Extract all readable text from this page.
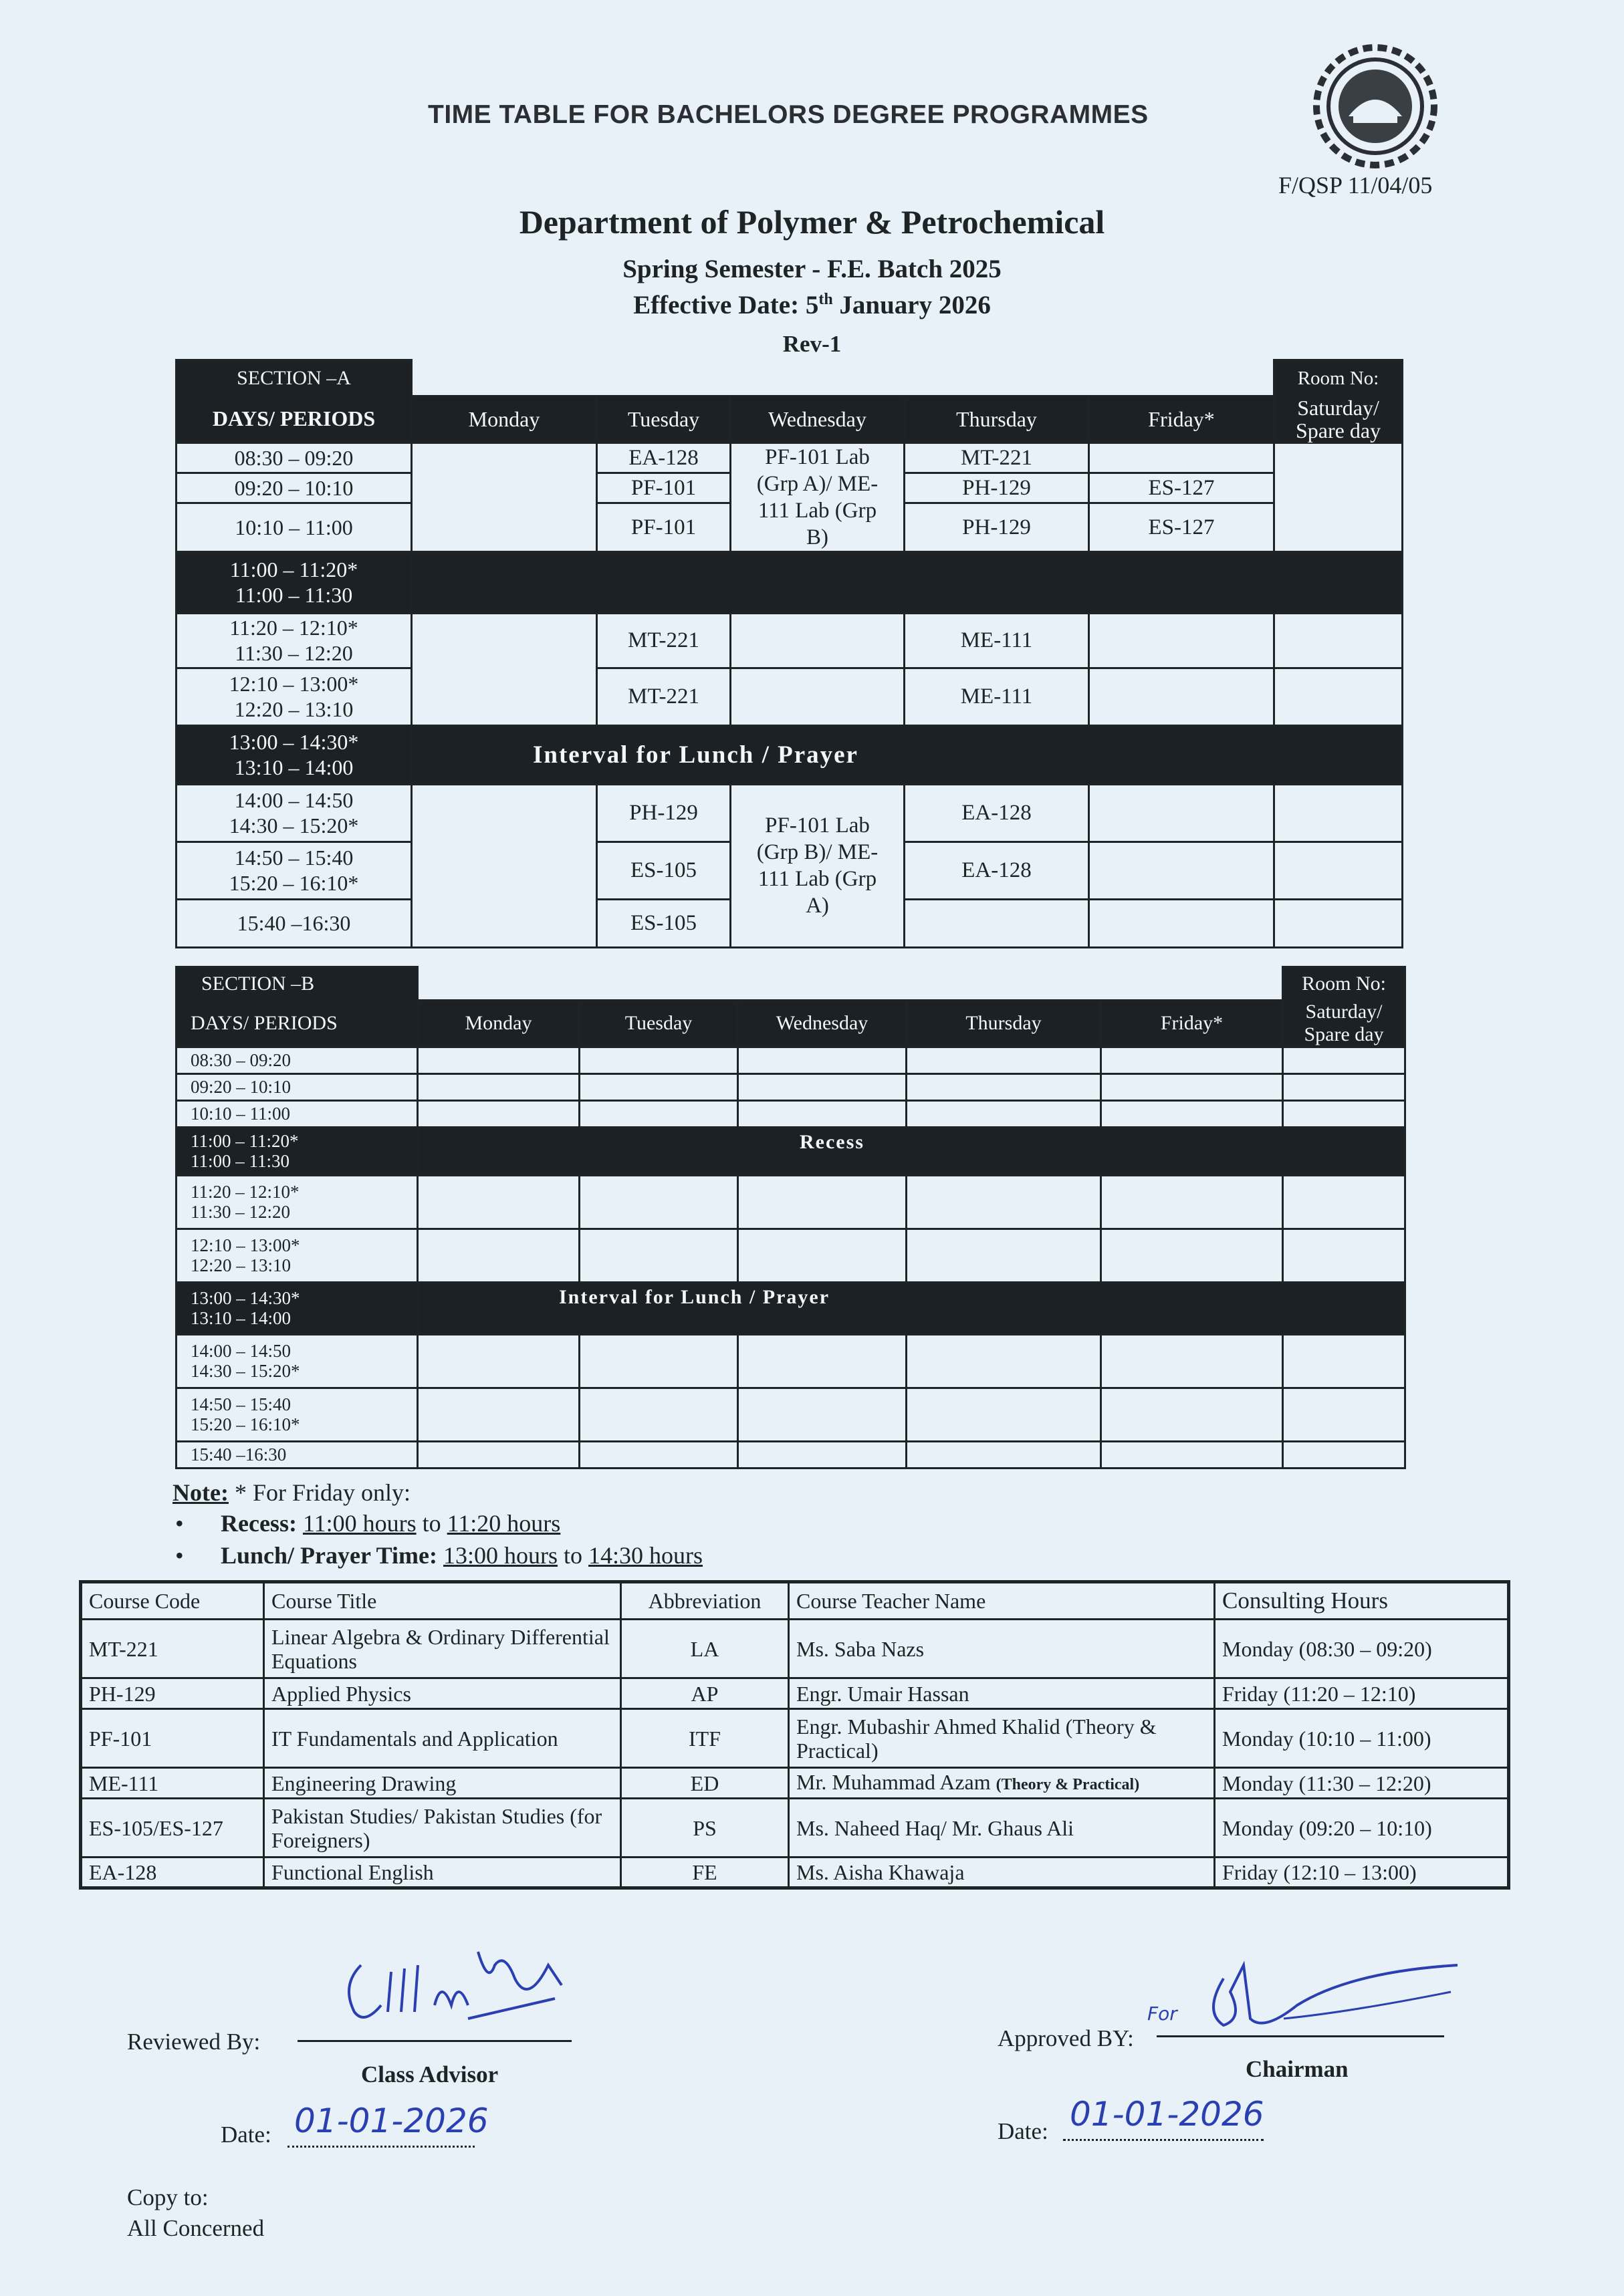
TIME TABLE FOR BACHELORS DEGREE PROGRAMMES
F/QSP 11/04/05
Department of Polymer & Petrochemical
Spring Semester - F.E. Batch 2025
Effective Date: 5th January 2026
Rev-1
SECTION –A						Room No:
DAYS/ PERIODS	Monday	Tuesday	Wednesday	Thursday	Friday*	Saturday/ Spare day
08:30 – 09:20		EA-128	PF-101 Lab (Grp A)/ ME-111 Lab (Grp B)	MT-221		
09:20 – 10:10		PF-101		PH-129	ES-127	
10:10 – 11:00		PF-101		PH-129	ES-127	

11:00 – 11:20*
11:00 – 11:30						

11:20 – 12:10*
11:30 – 12:20		MT-221		ME-111		

12:10 – 13:00*
12:20 – 13:10		MT-221		ME-111		

13:00 – 14:30*
13:10 – 14:00	Interval for Lunch / Prayer					

14:00 – 14:50
14:30 – 15:20*		PH-129	PF-101 Lab (Grp B)/ ME-111 Lab (Grp A)	EA-128		

14:50 – 15:40
15:20 – 16:10*		ES-105		EA-128		
15:40 –16:30		ES-105				
SECTION –B						Room No:
DAYS/ PERIODS	Monday	Tuesday	Wednesday	Thursday	Friday*	Saturday/ Spare day
08:30 – 09:20						
09:20 – 10:10						
10:10 – 11:00						

11:00 – 11:20*
11:00 – 11:30	Recess					

11:20 – 12:10*
11:30 – 12:20						

12:10 – 13:00*
12:20 – 13:10						

13:00 – 14:30*
13:10 – 14:00	Interval for Lunch / Prayer					

14:00 – 14:50
14:30 – 15:20*						

14:50 – 15:40
15:20 – 16:10*						

15:40 –16:30						
Note: * For Friday only:
• Recess: 11:00 hours to 11:20 hours
• Lunch/ Prayer Time: 13:00 hours to 14:30 hours
Course Code	Course Title	Abbreviation	Course Teacher Name	Consulting Hours
MT-221	Linear Algebra & Ordinary Differential Equations	LA	Ms. Saba Nazs	Monday (08:30 – 09:20)
PH-129	Applied Physics	AP	Engr. Umair Hassan	Friday (11:20 – 12:10)
PF-101	IT Fundamentals and Application	ITF	Engr. Mubashir Ahmed Khalid (Theory & Practical)	Monday (10:10 – 11:00)
ME-111	Engineering Drawing	ED	Mr. Muhammad Azam (Theory & Practical)	Monday (11:30 – 12:20)
ES-105/ES-127	Pakistan Studies/ Pakistan Studies (for Foreigners)	PS	Ms. Naheed Haq/ Mr. Ghaus Ali	Monday (09:20 – 10:10)
EA-128	Functional English	FE	Ms. Aisha Khawaja	Friday (12:10 – 13:00)
Reviewed By:
Class Advisor
Date: 01-01-2026
Approved BY:
For
Chairman
Date: 01-01-2026
Copy to:
All Concerned
